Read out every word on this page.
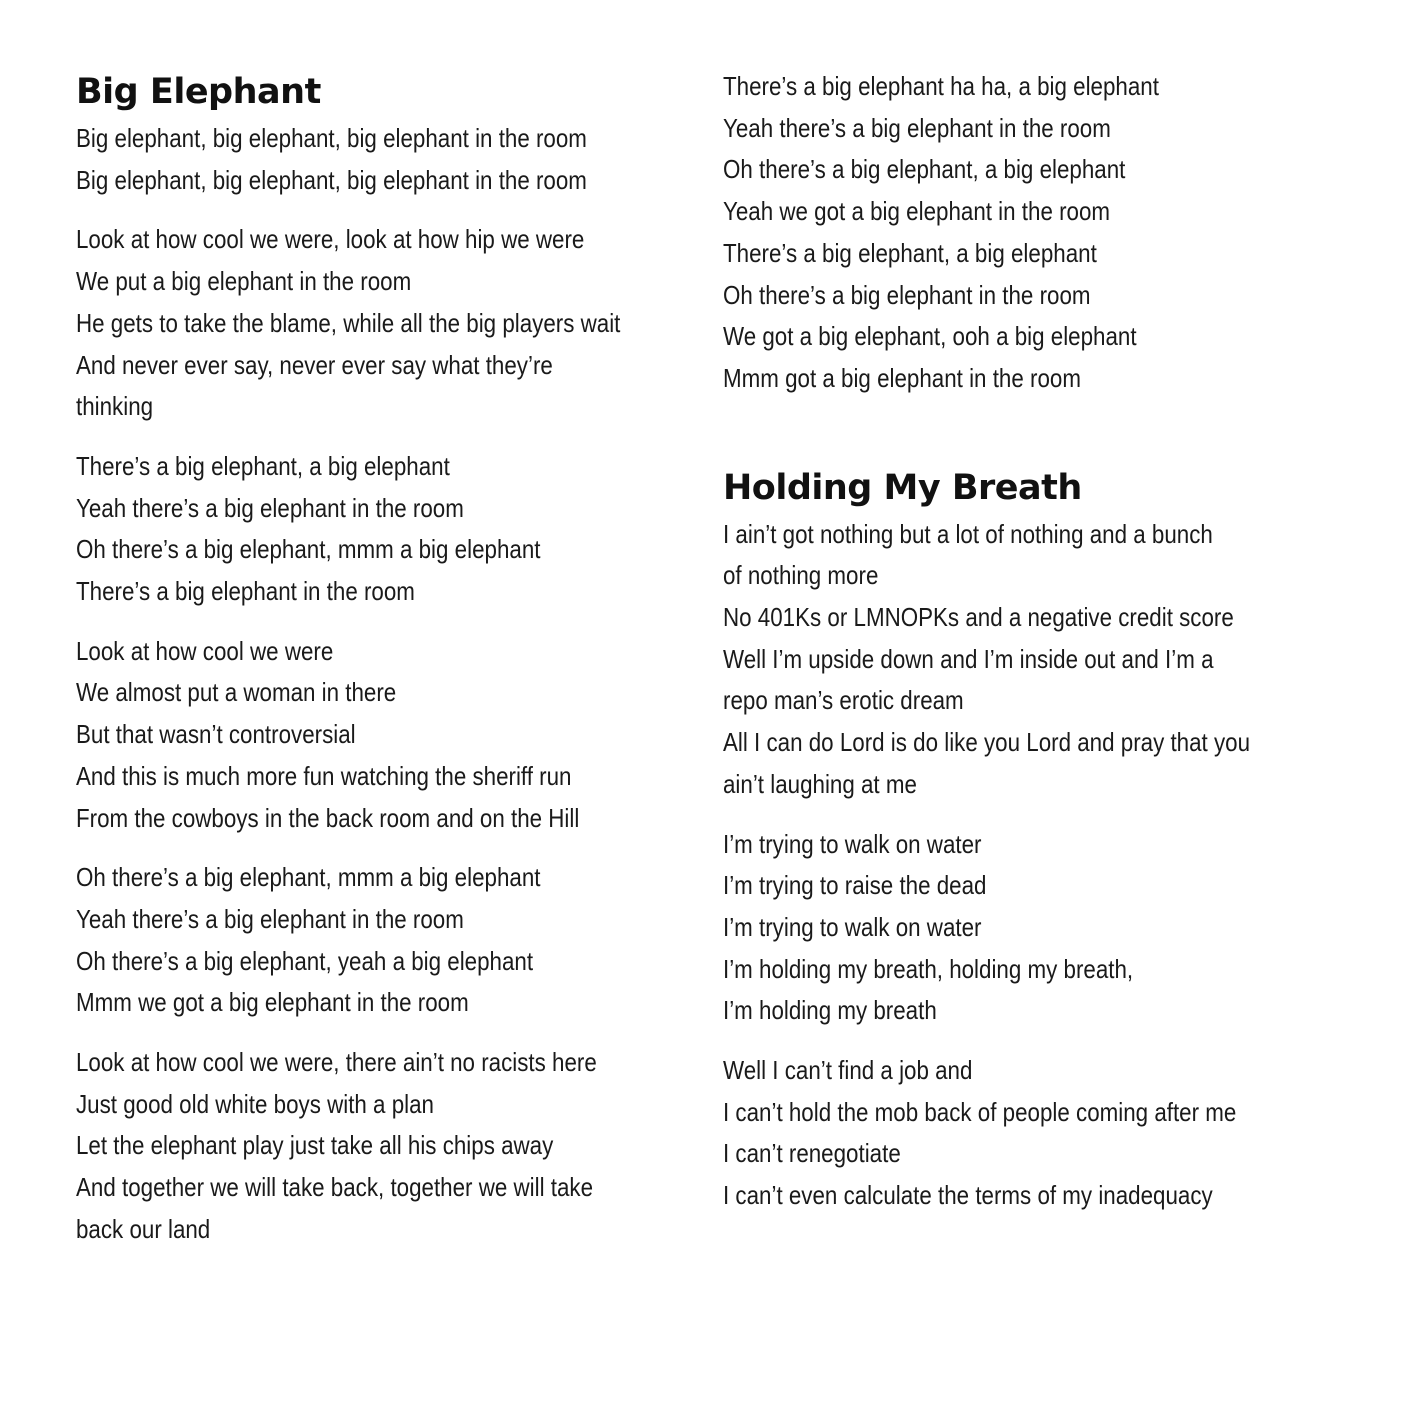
Big Elephant
Big elephant, big elephant, big elephant in the room
Big elephant, big elephant, big elephant in the room
Look at how cool we were, look at how hip we were
We put a big elephant in the room
He gets to take the blame, while all the big players wait
And never ever say, never ever say what they’re
thinking
There’s a big elephant, a big elephant
Yeah there’s a big elephant in the room
Oh there’s a big elephant, mmm a big elephant
There’s a big elephant in the room
Look at how cool we were
We almost put a woman in there
But that wasn’t controversial
And this is much more fun watching the sheriff run
From the cowboys in the back room and on the Hill
Oh there’s a big elephant, mmm a big elephant
Yeah there’s a big elephant in the room
Oh there’s a big elephant, yeah a big elephant
Mmm we got a big elephant in the room
Look at how cool we were, there ain’t no racists here
Just good old white boys with a plan
Let the elephant play just take all his chips away
And together we will take back, together we will take
back our land
There’s a big elephant ha ha, a big elephant
Yeah there’s a big elephant in the room
Oh there’s a big elephant, a big elephant
Yeah we got a big elephant in the room
There’s a big elephant, a big elephant
Oh there’s a big elephant in the room
We got a big elephant, ooh a big elephant
Mmm got a big elephant in the room
Holding My Breath
I ain’t got nothing but a lot of nothing and a bunch
of nothing more
No 401Ks or LMNOPKs and a negative credit score
Well I’m upside down and I’m inside out and I’m a
repo man’s erotic dream
All I can do Lord is do like you Lord and pray that you
ain’t laughing at me
I’m trying to walk on water
I’m trying to raise the dead
I’m trying to walk on water
I’m holding my breath, holding my breath,
I’m holding my breath
Well I can’t find a job and
I can’t hold the mob back of people coming after me
I can’t renegotiate
I can’t even calculate the terms of my inadequacy
